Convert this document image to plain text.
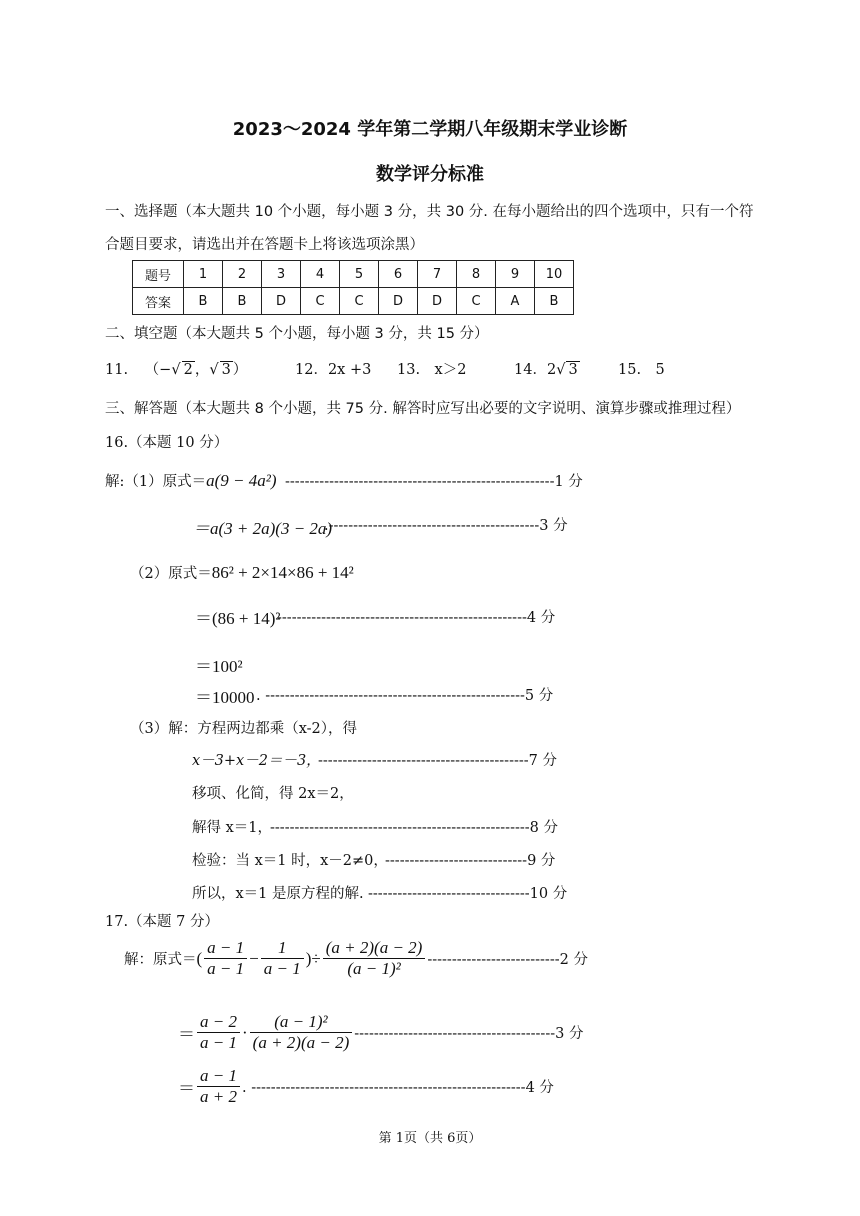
2023～2024 学年第二学期八年级期末学业诊断
数学评分标准
一、选择题（本大题共 10 个小题，每小题 3 分，共 30 分. 在每小题给出的四个选项中，只有一个符
合题目要求，请选出并在答题卡上将该选项涂黑）
题号	1	2	3	4	5	6	7	8	9	10
答案	B	B	D	C	C	D	D	C	A	B
二、填空题（本大题共 5 个小题，每小题 3 分，共 15 分）
11. （−√ 2 ，√ 3 ）	12．2x +3 13.　x＞2	14．2√ 3	15.　5
三、解答题（本大题共 8 个小题，共 75 分. 解答时应写出必要的文字说明、演算步骤或推理过程）
16.（本题 10 分）
解:（1）原式＝a(9 − 4a²) -------------------------------------------------------1 分
＝a(3 + 2a)(3 − 2a)
.-------------------------------------------3 分
（2）原式＝86² + 2×14×86 + 14²
＝(86 + 14)²
---------------------------------------------------4 分
＝100²
＝10000 . -----------------------------------------------------5 分
（3）解：方程两边都乘（x-2），得
x－3+x－2＝－3，
-------------------------------------------7 分
移项、化简，得 2x＝2，
解得 x＝1，
-----------------------------------------------------8 分
检验：当 x＝1 时，x－2≠0，
-----------------------------9 分
所以，x＝1 是原方程的解. ---------------------------------10 分
17.（本题 7 分）
解：原式＝ ( $\frac{a - 1}{a - 1} - \frac{1}{a - 1}$ )÷ $\frac{(a + 2)(a - 2)}{\text{(a − 1)²}} ---------------------------2$ 分
＝ $\frac{a - 2}{a - 1} \cdot \frac{\text{(a − 1)²}}{(a + 2)(a - 2)} -----------------------------------------3$ 分
＝ $\frac{a - 1}{a + 2}$ . --------------------------------------------------------4 分
第 1页（共 6页）
